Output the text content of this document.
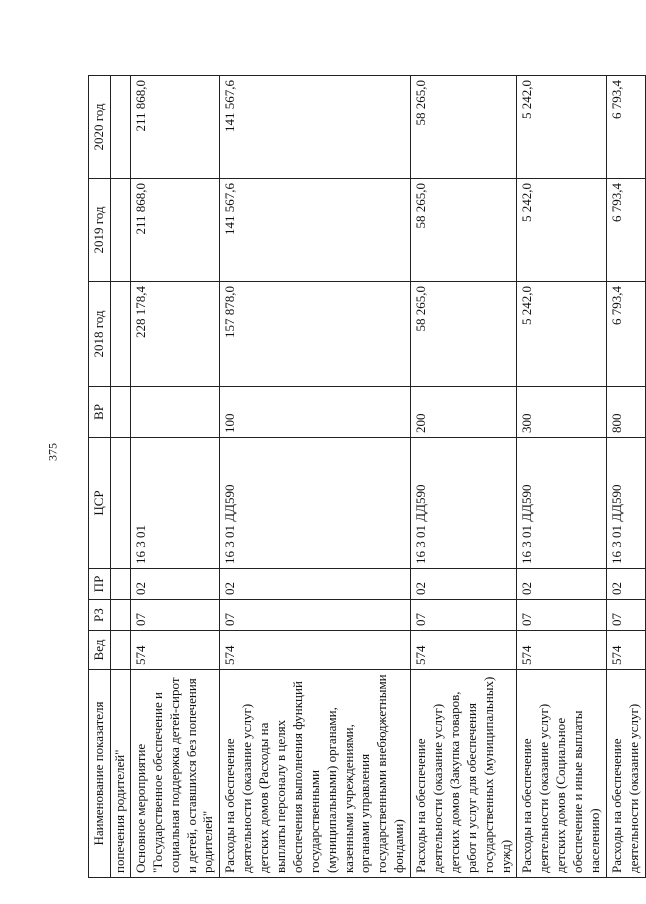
375
Наименование показателя	Вед	РЗ	ПР	ЦСР	ВР	2018 год	2019 год	2020 год
попечения родителей"								
Основное мероприятие "Государственное обеспечение и социальная поддержка детей-сирот и детей, оставшихся без попечения родителей"	574	07	02	16 3 01		228 178,4	211 868,0	211 868,0
Расходы на обеспечение деятельности (оказание услуг) детских домов (Расходы на выплаты персоналу в целях обеспечения выполнения функций государственными (муниципальными) органами, казенными учреждениями, органами управления государственными внебюджетными фондами)	574	07	02	16 3 01 ДД590	100	157 878,0	141 567,6	141 567,6
Расходы на обеспечение деятельности (оказание услуг) детских домов (Закупка товаров, работ и услуг для обеспечения государственных (муниципальных) нужд)	574	07	02	16 3 01 ДД590	200	58 265,0	58 265,0	58 265,0
Расходы на обеспечение деятельности (оказание услуг) детских домов (Социальное обеспечение и иные выплаты населению)	574	07	02	16 3 01 ДД590	300	5 242,0	5 242,0	5 242,0
Расходы на обеспечение деятельности (оказание услуг)	574	07	02	16 3 01 ДД590	800	6 793,4	6 793,4	6 793,4
